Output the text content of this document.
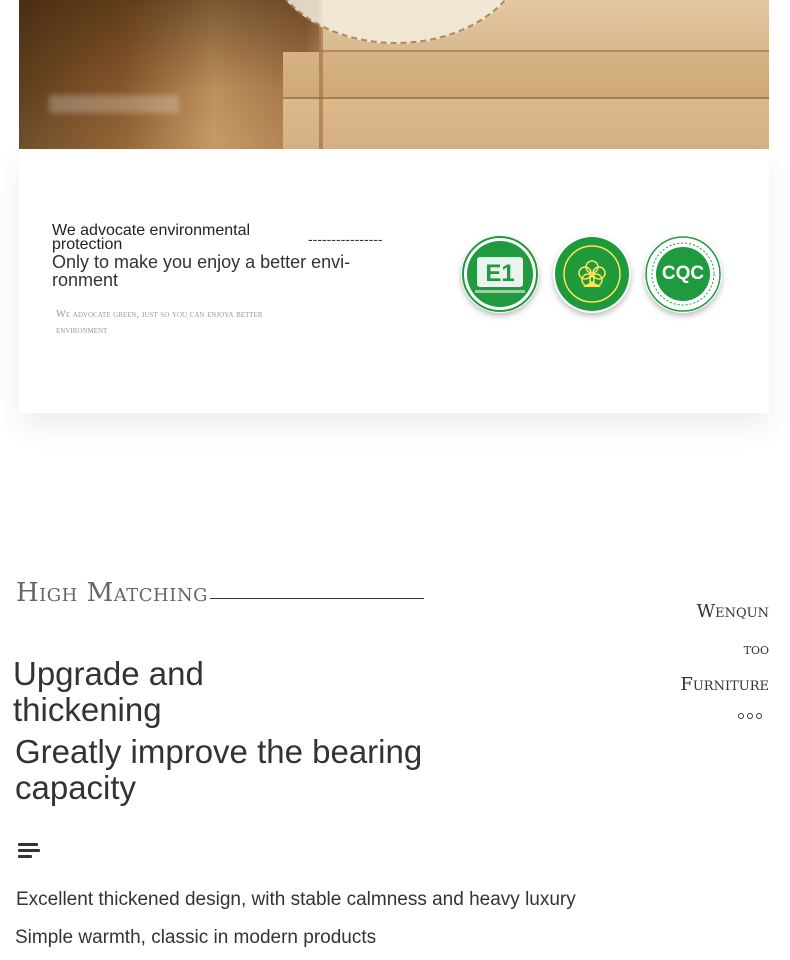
We advocate environmental protection	----------------

Only to make you enjoy a better envi-ronment

We advocate green, just so you can enjoya better environment

E1	CQC
High Matching
Wenqun
too
Furniture
Upgrade and thickening
Greatly improve the bearing capacity

Excellent thickened design, with stable calmness and heavy luxury

Simple warmth, classic in modern products
